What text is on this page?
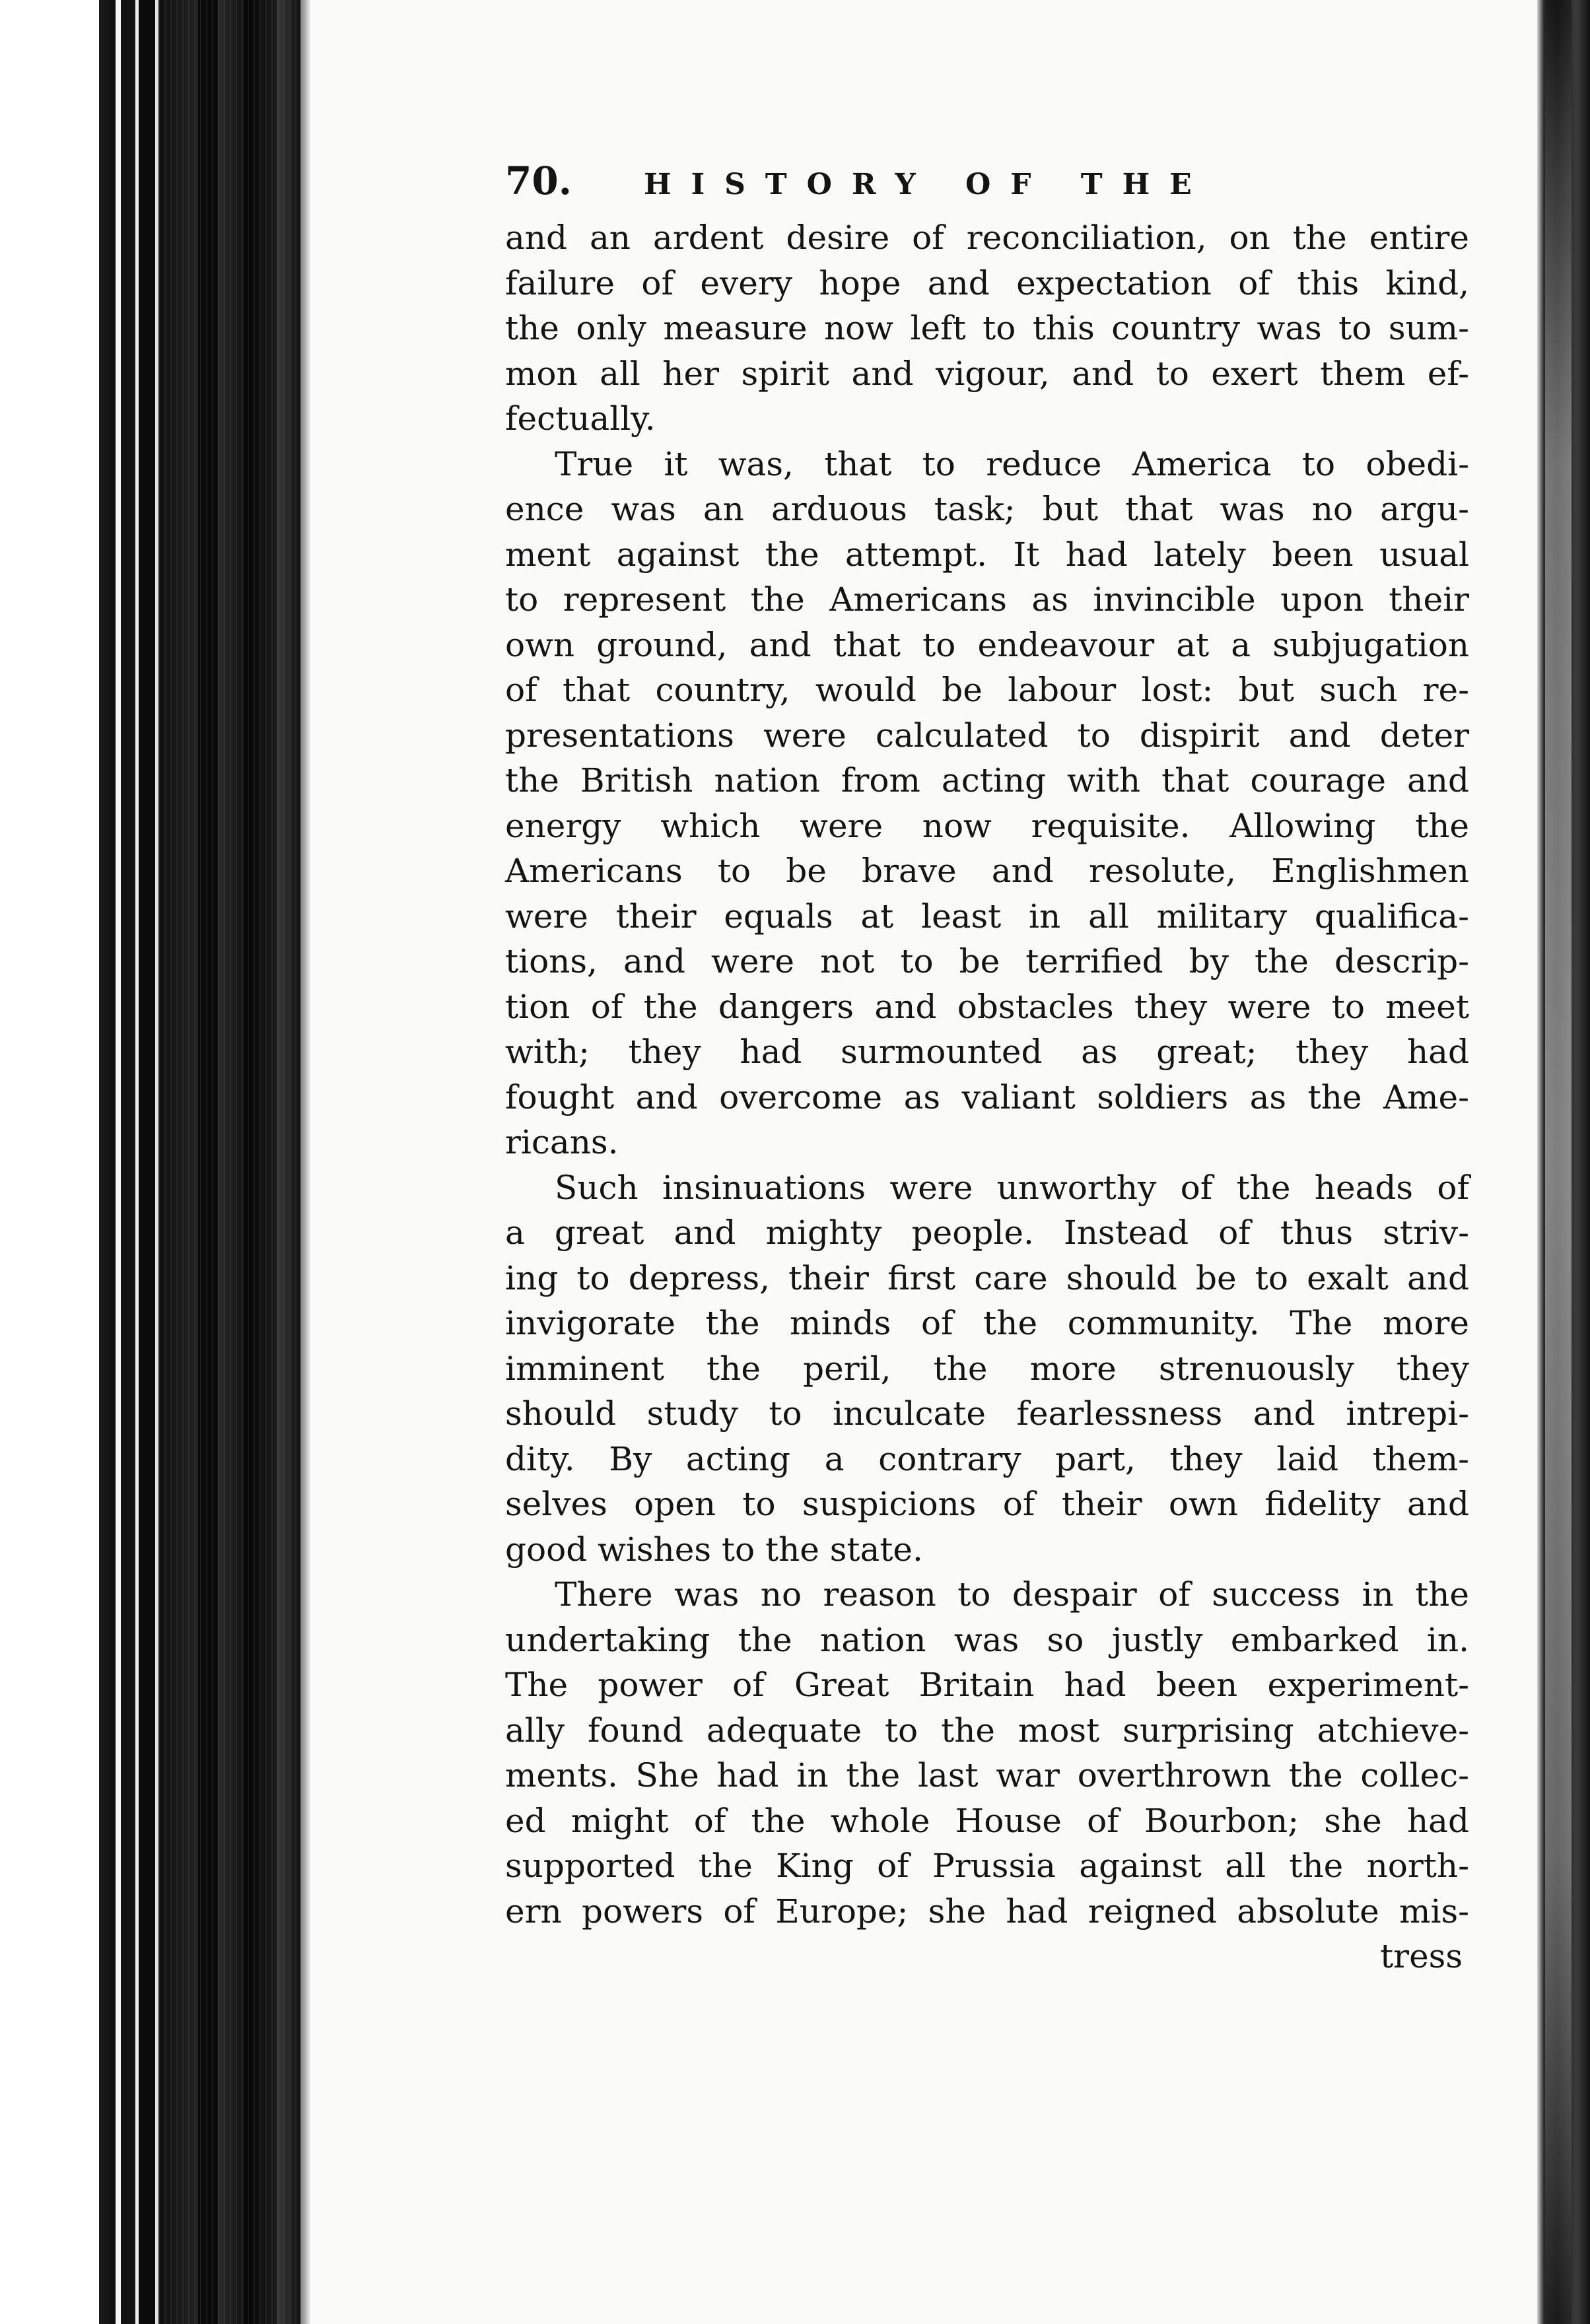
70.	HISTORY OF THE
and an ardent desire of reconciliation, on the entire
failure of every hope and expectation of this kind,
the only measure now left to this country was to sum-
mon all her spirit and vigour, and to exert them ef-
fectually.
True it was, that to reduce America to obedi-
ence was an arduous task; but that was no argu-
ment against the attempt. It had lately been usual
to represent the Americans as invincible upon their
own ground, and that to endeavour at a subjugation
of that country, would be labour lost: but such re-
presentations were calculated to dispirit and deter
the British nation from acting with that courage and
energy which were now requisite. Allowing the
Americans to be brave and resolute, Englishmen
were their equals at least in all military qualifica-
tions, and were not to be terrified by the descrip-
tion of the dangers and obstacles they were to meet
with; they had surmounted as great; they had
fought and overcome as valiant soldiers as the Ame-
ricans.
Such insinuations were unworthy of the heads of
a great and mighty people. Instead of thus striv-
ing to depress, their first care should be to exalt and
invigorate the minds of the community. The more
imminent the peril, the more strenuously they
should study to inculcate fearlessness and intrepi-
dity. By acting a contrary part, they laid them-
selves open to suspicions of their own fidelity and
good wishes to the state.
There was no reason to despair of success in the
undertaking the nation was so justly embarked in.
The power of Great Britain had been experiment-
ally found adequate to the most surprising atchieve-
ments. She had in the last war overthrown the collec-
ed might of the whole House of Bourbon; she had
supported the King of Prussia against all the north-
ern powers of Europe; she had reigned absolute mis-
tress
